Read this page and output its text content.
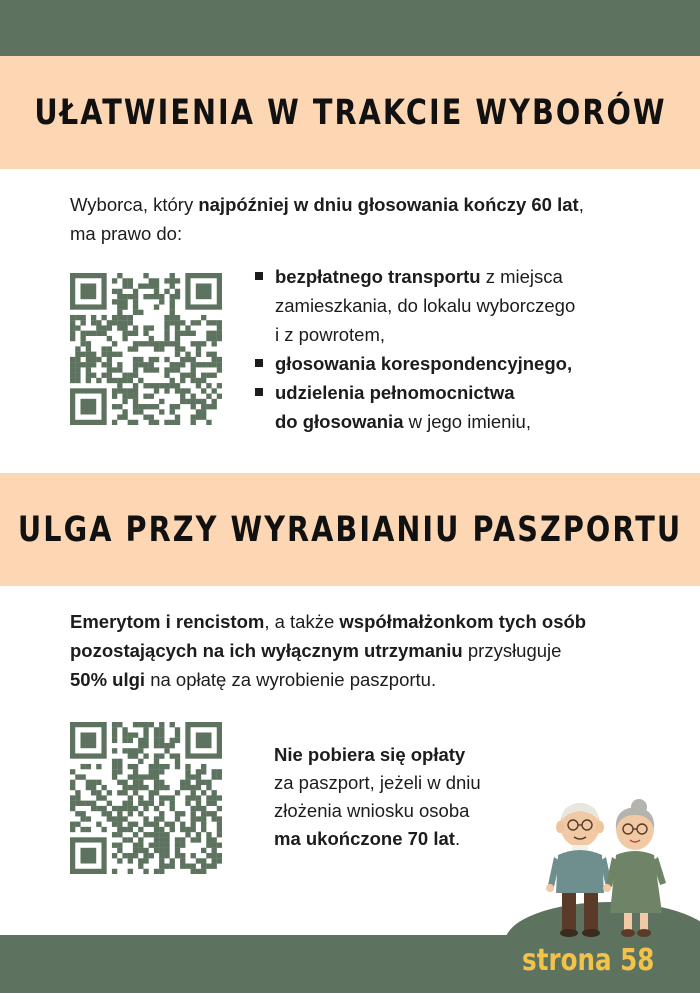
UŁATWIENIA W TRAKCIE WYBORÓW

Wyborca, który najpóźniej w dniu głosowania kończy 60 lat,
ma prawo do:

bezpłatnego transportu z miejsca
zamieszkania, do lokalu wyborczego
i z powrotem,
głosowania korespondencyjnego,
udzielenia pełnomocnictwa
do głosowania w jego imieniu,
ULGA PRZY WYRABIANIU PASZPORTU

Emerytom i rencistom, a także współmałżonkom tych osób
pozostających na ich wyłącznym utrzymaniu przysługuje
50% ulgi na opłatę za wyrobienie paszportu.

Nie pobiera się opłaty
za paszport, jeżeli w dniu
złożenia wniosku osoba
ma ukończone 70 lat.

strona 58
